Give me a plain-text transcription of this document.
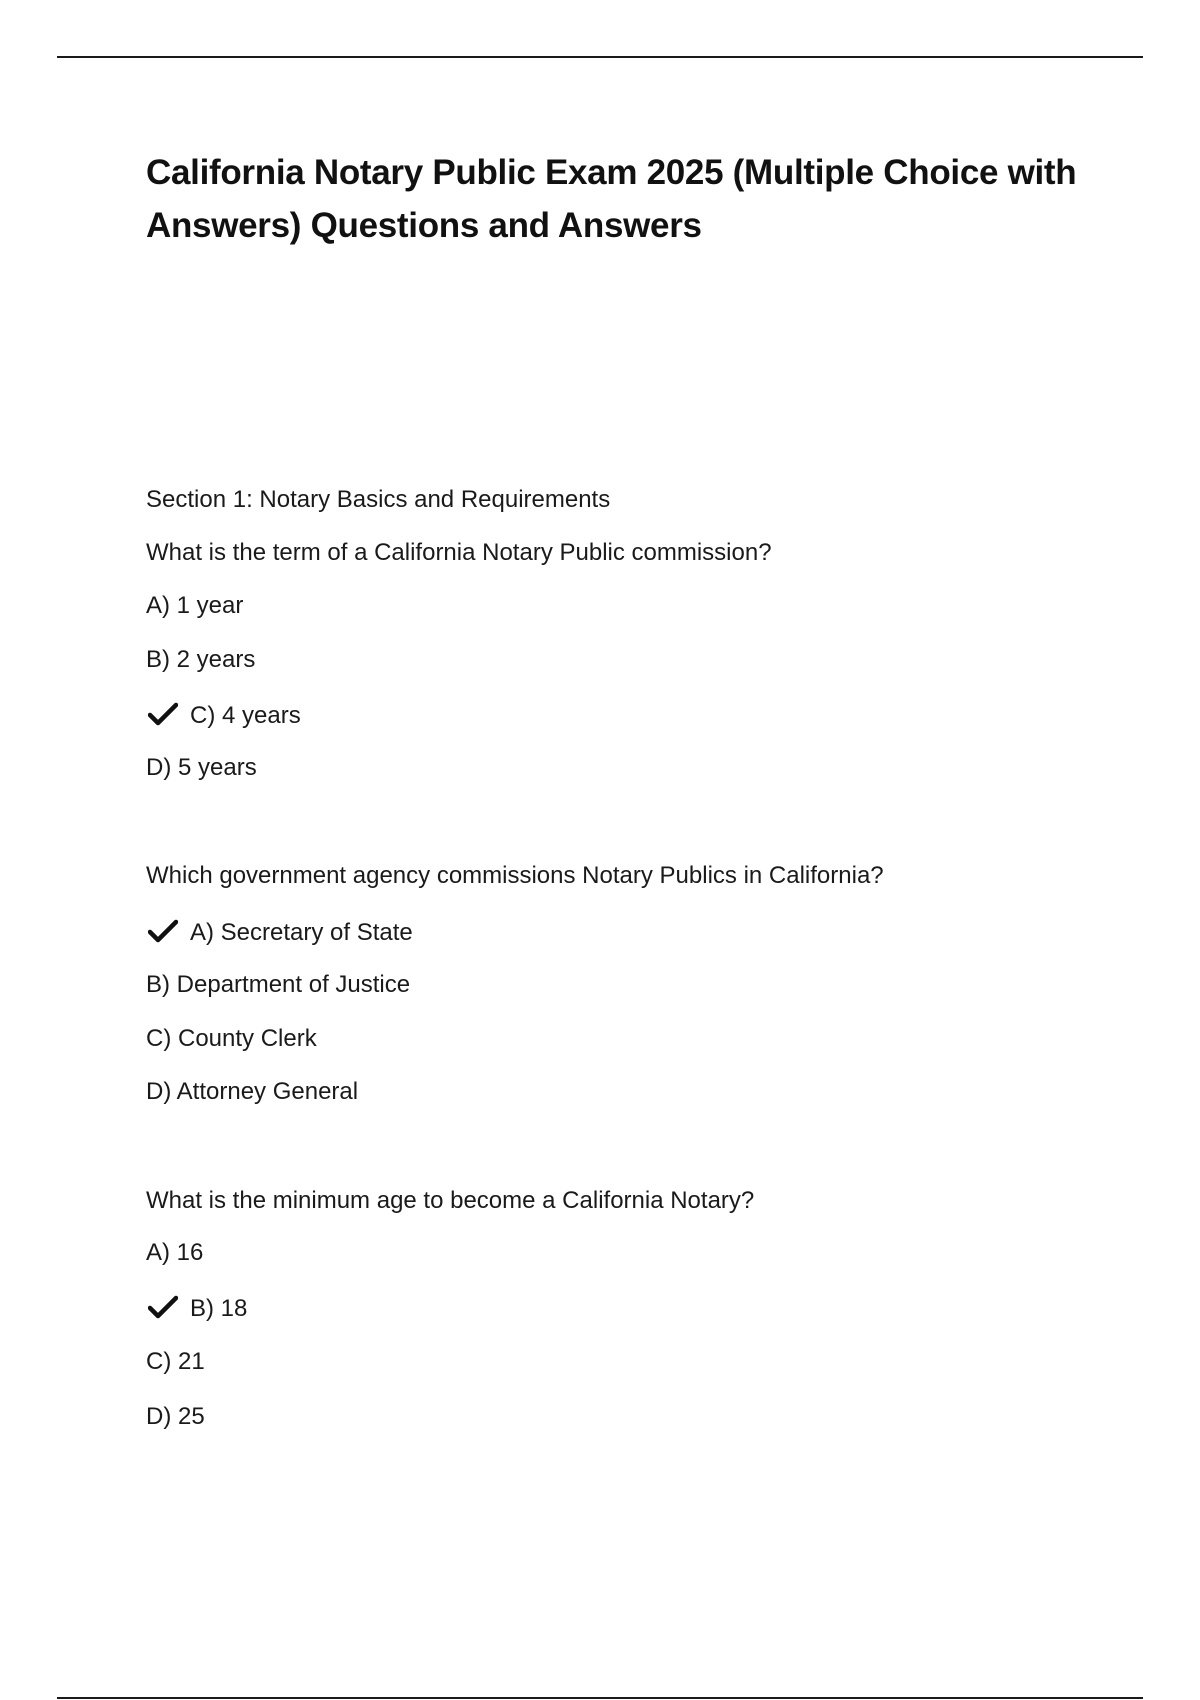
California Notary Public Exam 2025 (Multiple Choice with Answers) Questions and Answers

Section 1: Notary Basics and Requirements

What is the term of a California Notary Public commission?

A) 1 year

B) 2 years

C) 4 years

D) 5 years

Which government agency commissions Notary Publics in California?

A) Secretary of State

B) Department of Justice

C) County Clerk

D) Attorney General

What is the minimum age to become a California Notary?

A) 16

B) 18

C) 21

D) 25
